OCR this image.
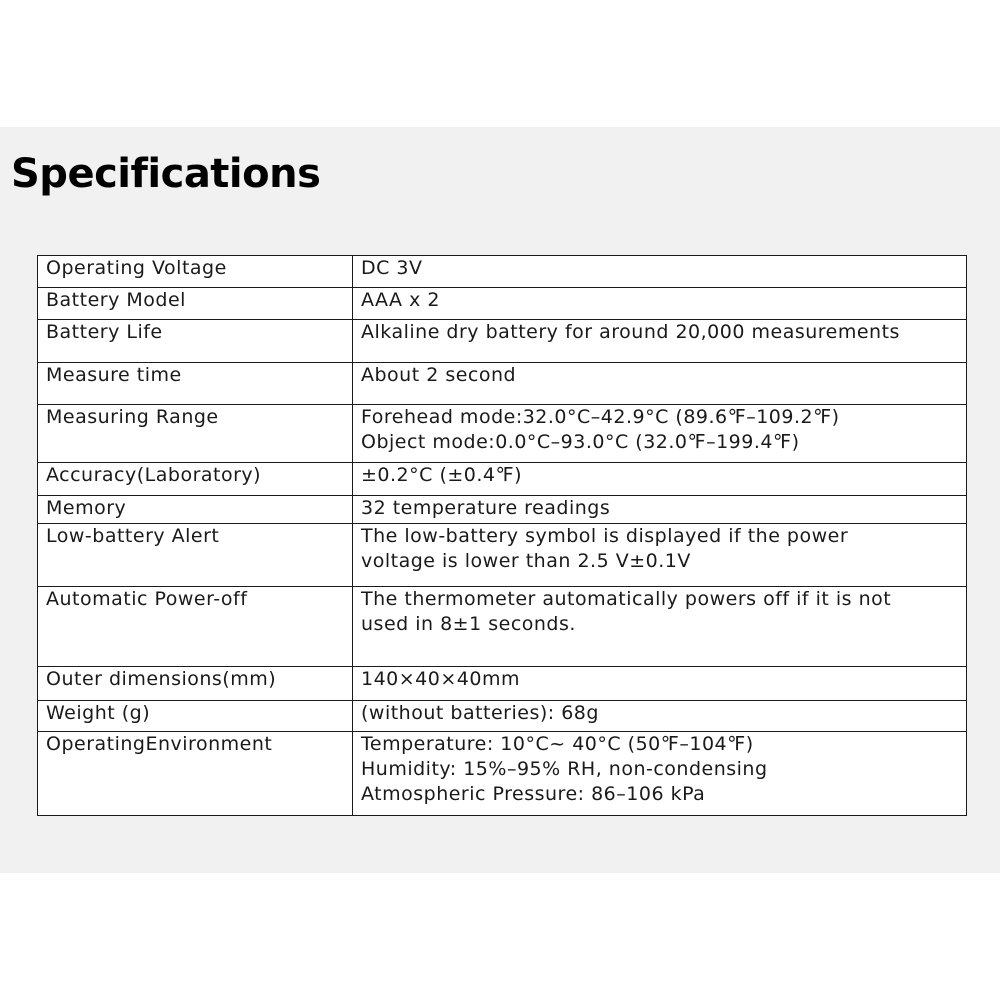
Specifications
Operating Voltage	DC 3V

Battery Model	AAA x 2

Battery Life	Alkaline dry battery for around 20,000 measurements

Measure time	About 2 second

Measuring Range	Forehead mode:32.0°C–42.9°C (89.6℉–109.2℉)
Object mode:0.0°C–93.0°C (32.0℉–199.4℉)

Accuracy(Laboratory)	±0.2°C (±0.4℉)

Memory	32 temperature readings

Low-battery Alert	The low-battery symbol is displayed if the power
voltage is lower than 2.5 V±0.1V

Automatic Power-off	The thermometer automatically powers off if it is not
used in 8±1 seconds.

Outer dimensions(mm)	140×40×40mm

Weight (g)	(without batteries): 68g

OperatingEnvironment	Temperature: 10°C~ 40°C (50℉–104℉)
Humidity: 15%–95% RH, non-condensing
Atmospheric Pressure: 86–106 kPa
